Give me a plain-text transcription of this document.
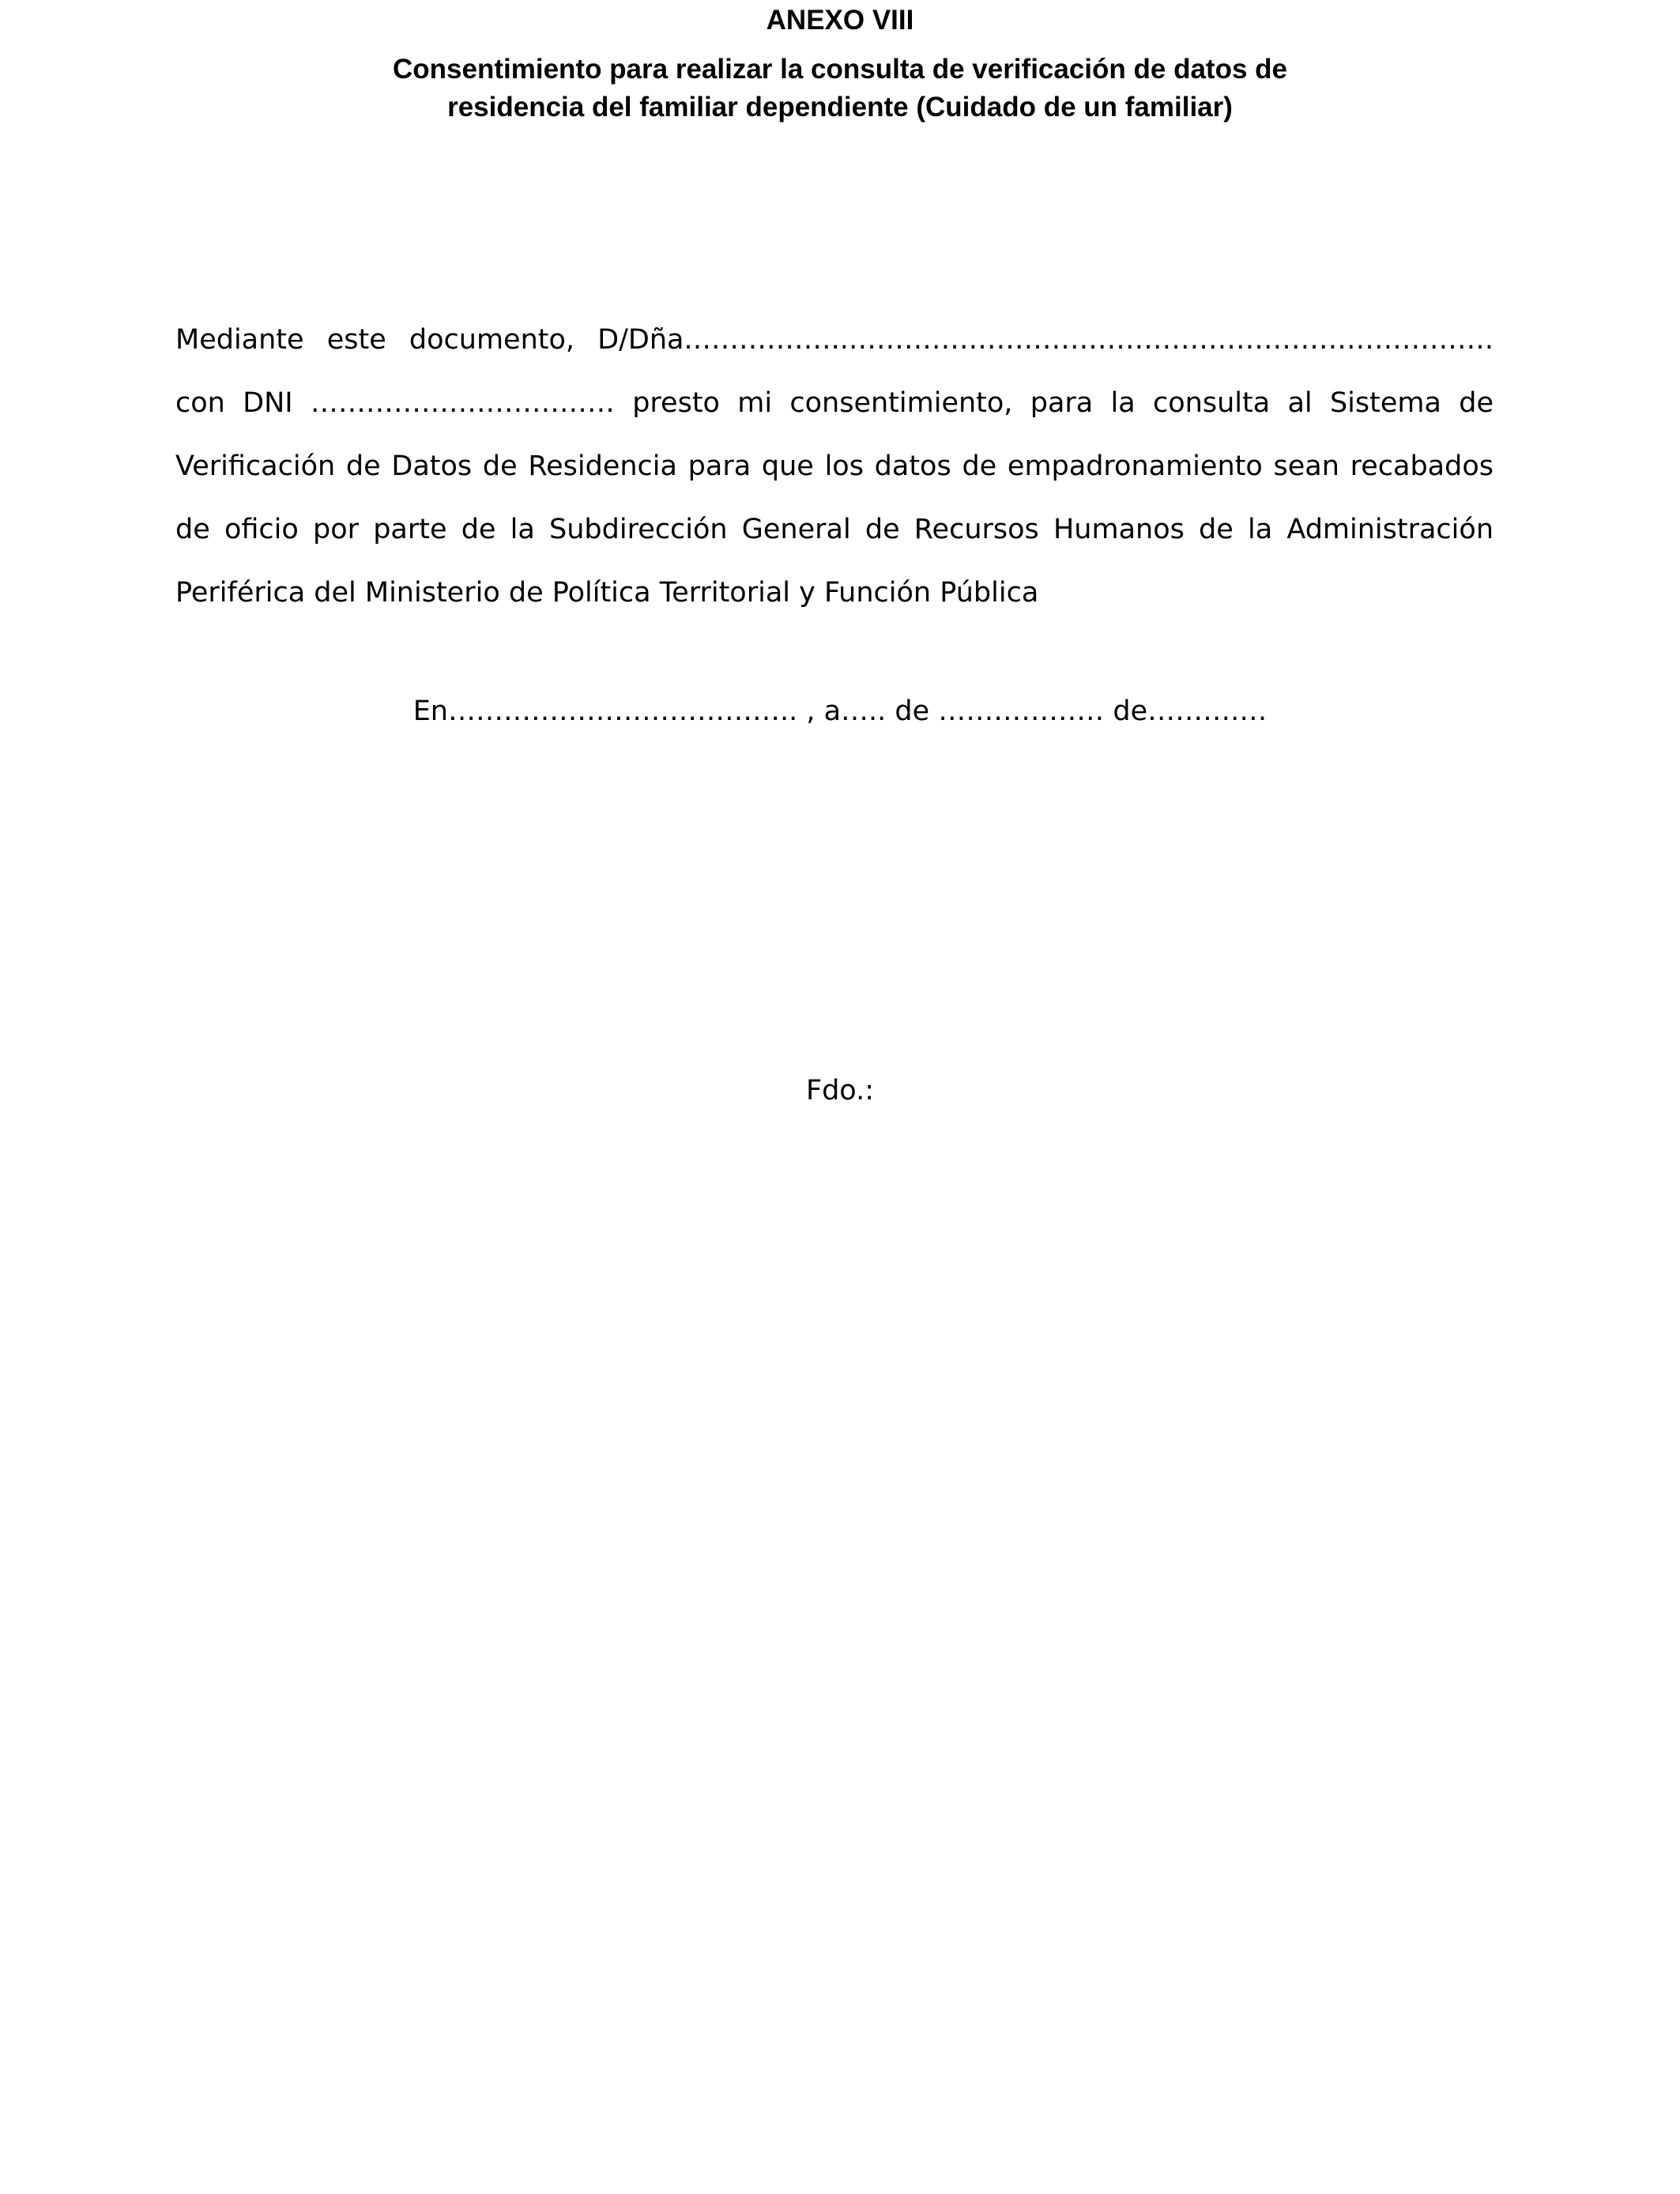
ANEXO VIII
Consentimiento para realizar la consulta de verificación de datos de
residencia del familiar dependiente (Cuidado de un familiar)
Mediante este documento, D/Dña.……………..…………………………………………………………….
con DNI …………………………… presto mi consentimiento, para la consulta al Sistema de
Verificación de Datos de Residencia para que los datos de empadronamiento sean recabados
de oficio por parte de la Subdirección General de Recursos Humanos de la Administración
Periférica del Ministerio de Política Territorial y Función Pública

En……………………………….. , a….. de ……………… de……….…

Fdo.:
